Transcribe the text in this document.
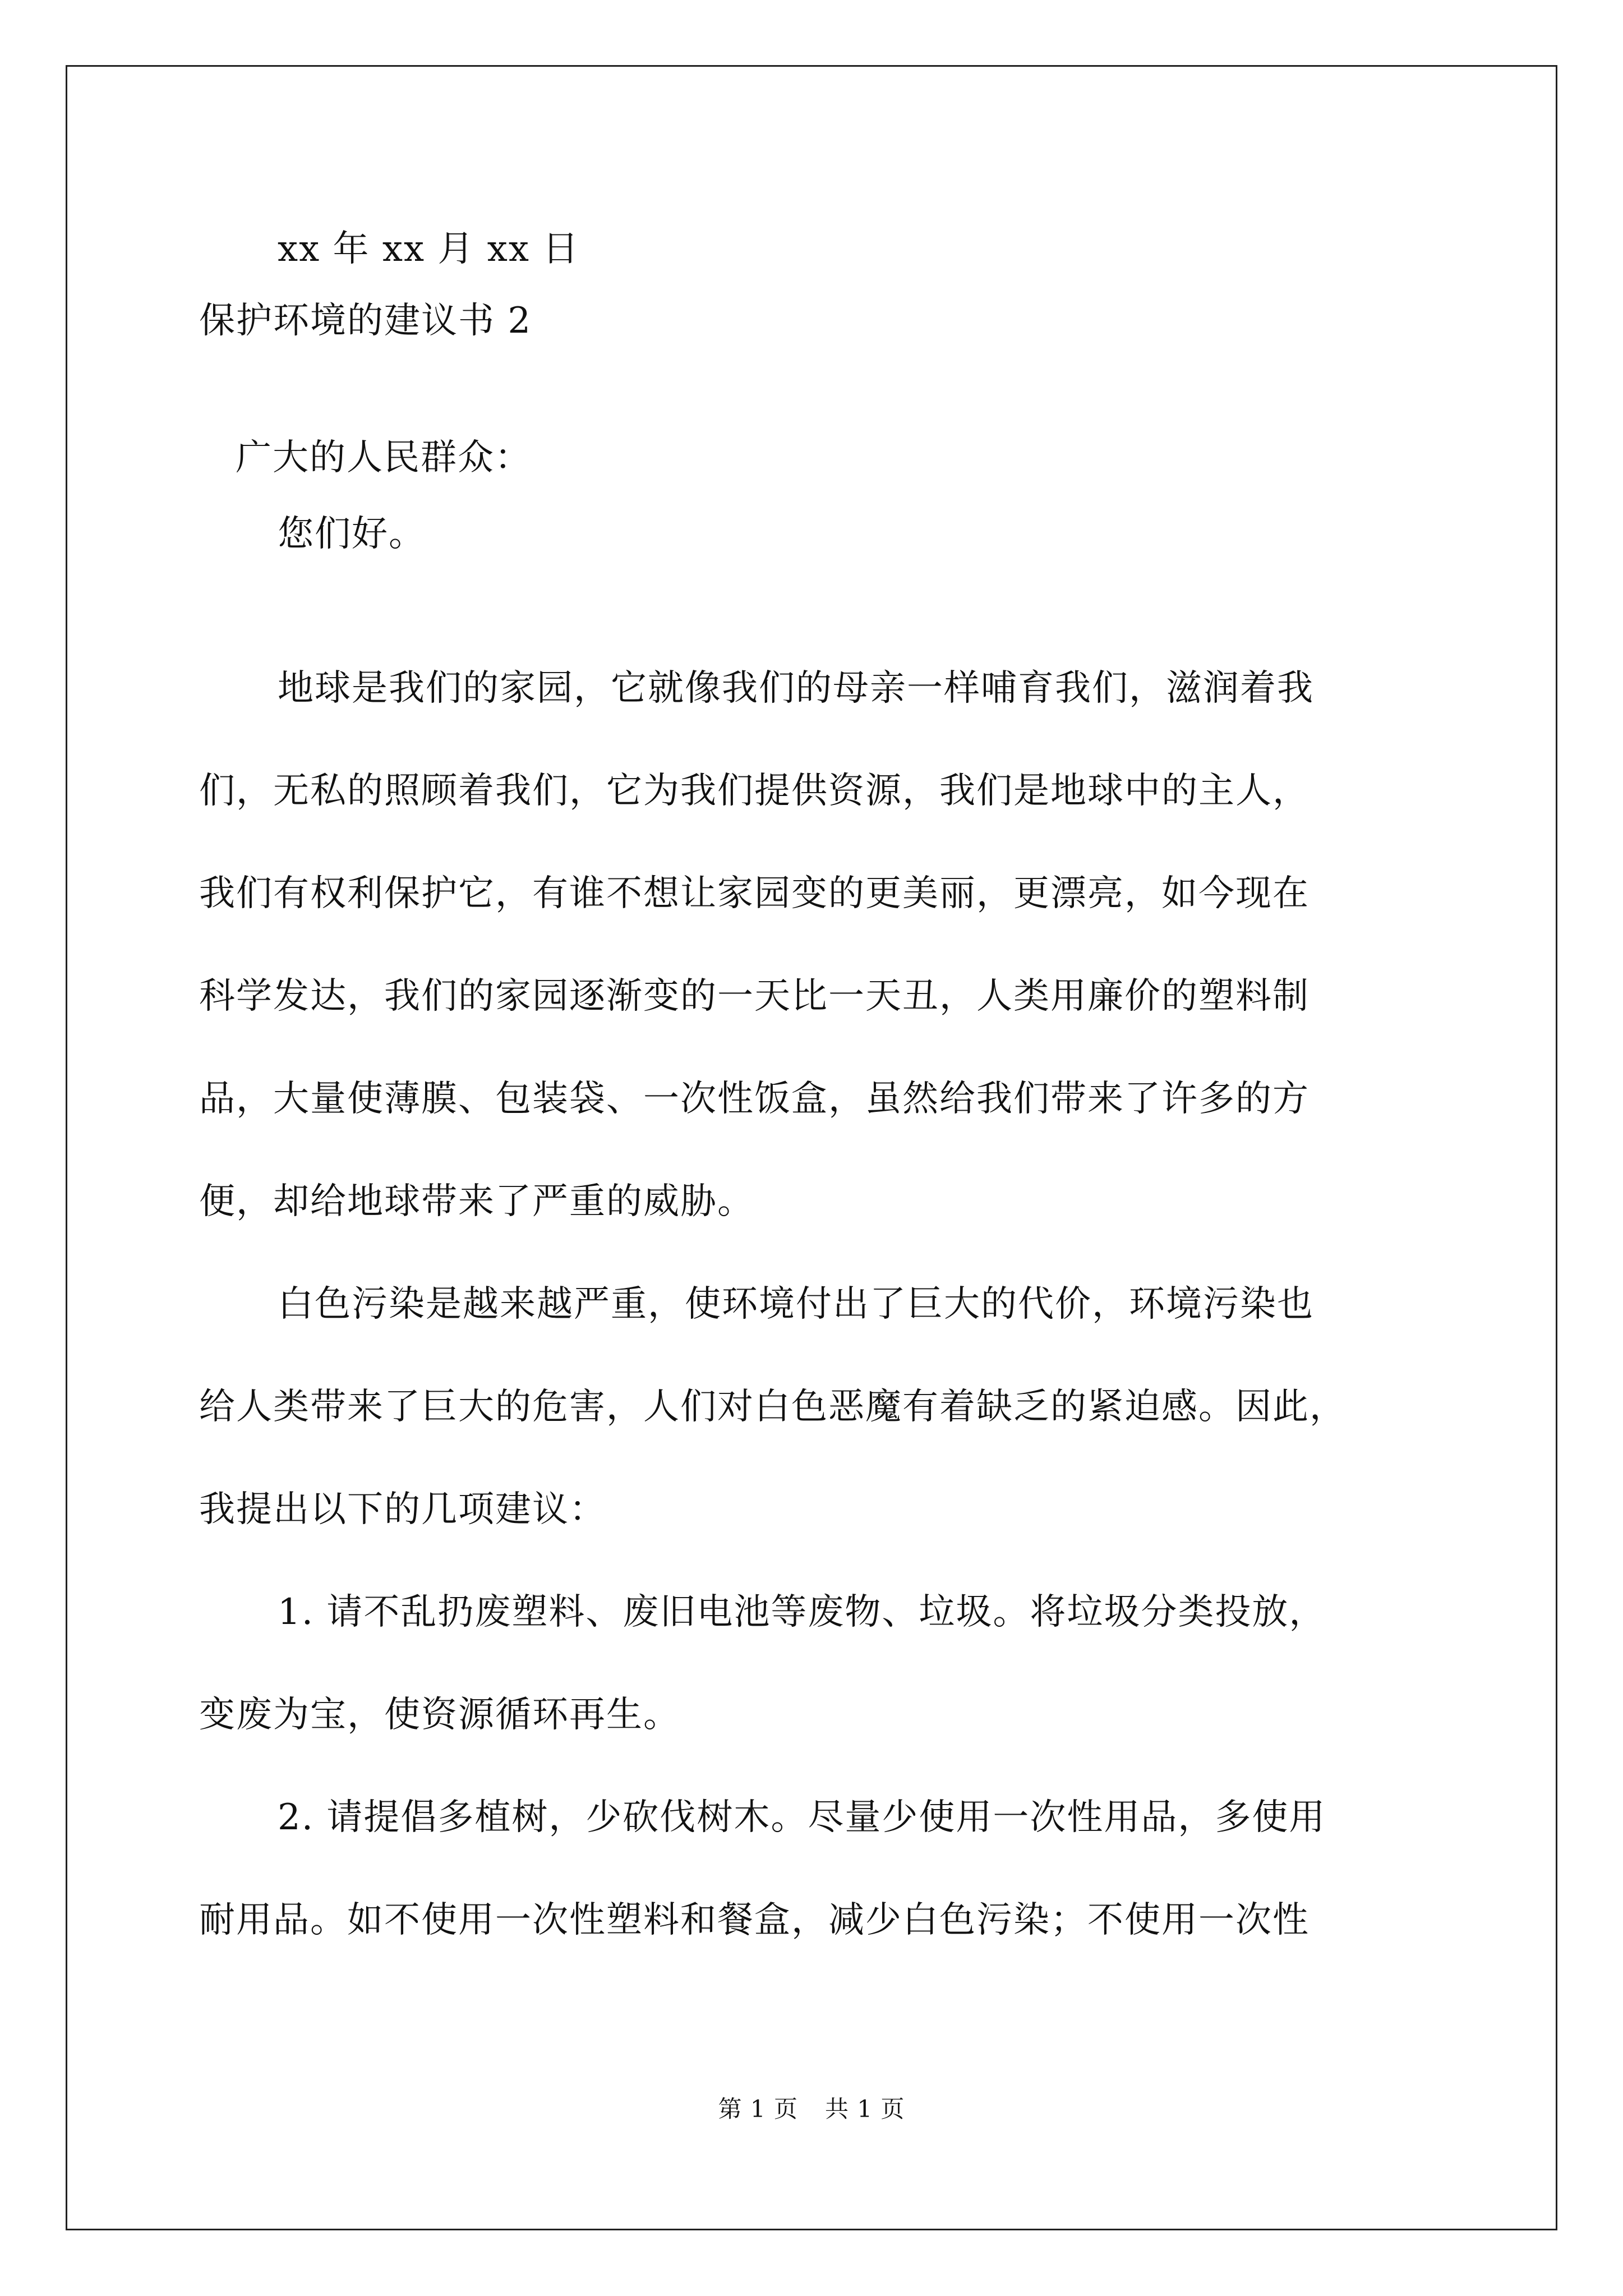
xx 年 xx 月 xx 日
保护环境的建议书 2
广大的人民群众：
您们好。
地球是我们的家园，它就像我们的母亲一样哺育我们，滋润着我
们，无私的照顾着我们，它为我们提供资源，我们是地球中的主人，
我们有权利保护它，有谁不想让家园变的更美丽，更漂亮，如今现在
科学发达，我们的家园逐渐变的一天比一天丑，人类用廉价的塑料制
品，大量使薄膜、包装袋、一次性饭盒，虽然给我们带来了许多的方
便，却给地球带来了严重的威胁。
白色污染是越来越严重，使环境付出了巨大的代价，环境污染也
给人类带来了巨大的危害，人们对白色恶魔有着缺乏的紧迫感。因此，
我提出以下的几项建议：
1. 请不乱扔废塑料、废旧电池等废物、垃圾。将垃圾分类投放，
变废为宝，使资源循环再生。
2. 请提倡多植树，少砍伐树木。尽量少使用一次性用品，多使用
耐用品。如不使用一次性塑料和餐盒，减少白色污染；不使用一次性
第 1 页 共 1 页
